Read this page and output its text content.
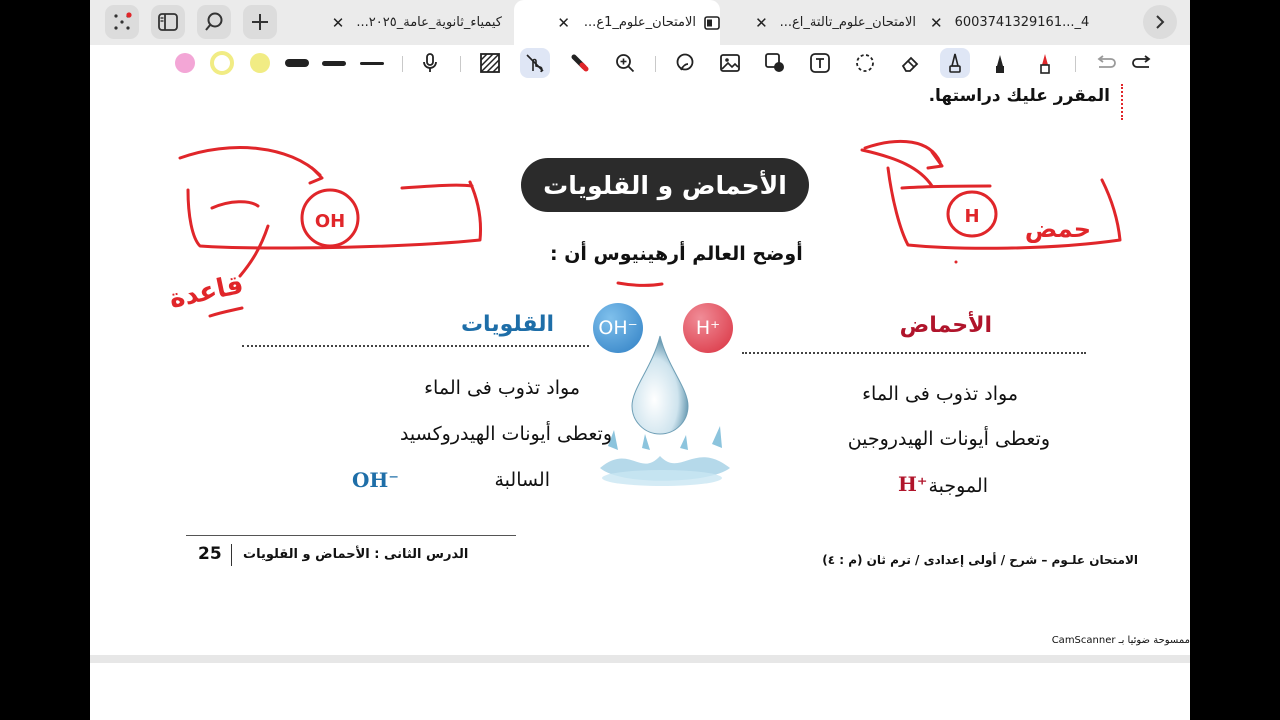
كيمياء_ثانوية_عامة_٢٠٢٥...
✕	الامتحان_علوم_1ع...
✕	الامتحان_علوم_تالتة_اع...
✕	✕ 6003741329161..._4
المقرر عليك دراستها.
الأحماض و القلويات
أوضح العالم أرهينيوس أن :
OH⁻	H⁺	الأحماض
مواد تذوب فى الماء
وتعطى أيونات الهيدروجين
الموجبة
H⁺
القلويات
مواد تذوب فى الماء
وتعطى أيونات الهيدروكسيد
السالبة
OH⁻
25 الدرس الثانى : الأحماض و القلويات	الامتحان علـوم – شرح / أولى إعدادى / ترم ثان (م : ٤)
ممسوحة ضوئيا بـ CamScanner
OH	H
قاعدة
حمض
